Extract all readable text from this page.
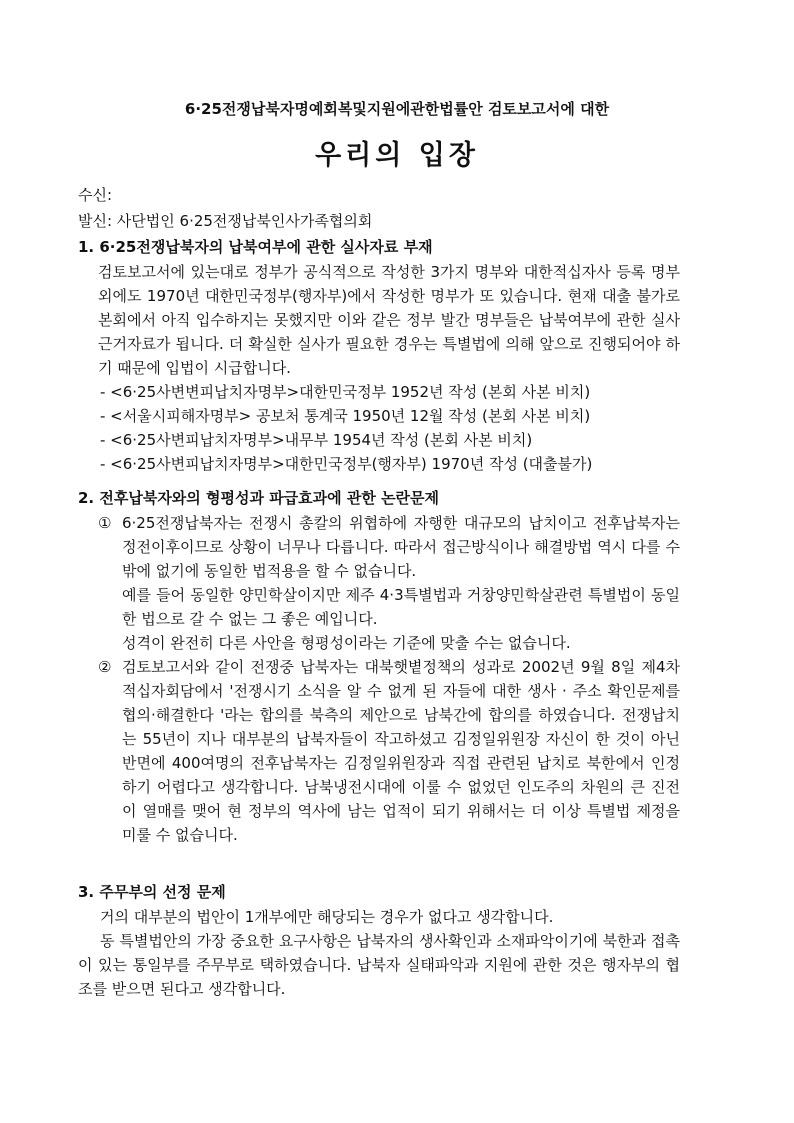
6·25전쟁납북자명예회복및지원에관한법률안 검토보고서에 대한
우리의 입장
수신:
발신: 사단법인 6·25전쟁납북인사가족협의회
1. 6·25전쟁납북자의 납북여부에 관한 실사자료 부재
검토보고서에 있는대로 정부가 공식적으로 작성한 3가지 명부와 대한적십자사 등록 명부외에도 1970년 대한민국정부(행자부)에서 작성한 명부가 또 있습니다. 현재 대출 불가로 본회에서 아직 입수하지는 못했지만 이와 같은 정부 발간 명부들은 납북여부에 관한 실사 근거자료가 됩니다. 더 확실한 실사가 필요한 경우는 특별법에 의해 앞으로 진행되어야 하기 때문에 입법이 시급합니다.
- <6·25사변변피납치자명부>대한민국정부 1952년 작성 (본회 사본 비치)
- <서울시피해자명부> 공보처 통계국 1950년 12월 작성 (본회 사본 비치)
- <6·25사변피납치자명부>내무부 1954년 작성 (본회 사본 비치)
- <6·25사변피납치자명부>대한민국정부(행자부) 1970년 작성 (대출불가)
2. 전후납북자와의 형평성과 파급효과에 관한 논란문제
① 6·25전쟁납북자는 전쟁시 총칼의 위협하에 자행한 대규모의 납치이고 전후납북자는 정전이후이므로 상황이 너무나 다릅니다. 따라서 접근방식이나 해결방법 역시 다를 수 밖에 없기에 동일한 법적용을 할 수 없습니다.

예를 들어 동일한 양민학살이지만 제주 4·3특별법과 거창양민학살관련 특별법이 동일한 법으로 갈 수 없는 그 좋은 예입니다.

성격이 완전히 다른 사안을 형평성이라는 기준에 맞출 수는 없습니다.

② 검토보고서와 같이 전쟁중 납북자는 대북햇볕정책의 성과로 2002년 9월 8일 제4차 적십자회담에서 '전쟁시기 소식을 알 수 없게 된 자들에 대한 생사 · 주소 확인문제를 협의·해결한다 '라는 합의를 북측의 제안으로 남북간에 합의를 하였습니다. 전쟁납치는 55년이 지나 대부분의 납북자들이 작고하셨고 김정일위원장 자신이 한 것이 아닌 반면에 400여명의 전후납북자는 김정일위원장과 직접 관련된 납치로 북한에서 인정하기 어렵다고 생각합니다. 남북냉전시대에 이룰 수 없었던 인도주의 차원의 큰 진전이 열매를 맺어 현 정부의 역사에 남는 업적이 되기 위해서는 더 이상 특별법 제정을 미룰 수 없습니다.

3. 주무부의 선정 문제
거의 대부분의 법안이 1개부에만 해당되는 경우가 없다고 생각합니다.
동 특별법안의 가장 중요한 요구사항은 납북자의 생사확인과 소재파악이기에 북한과 접촉이 있는 통일부를 주무부로 택하였습니다. 납북자 실태파악과 지원에 관한 것은 행자부의 협조를 받으면 된다고 생각합니다.
